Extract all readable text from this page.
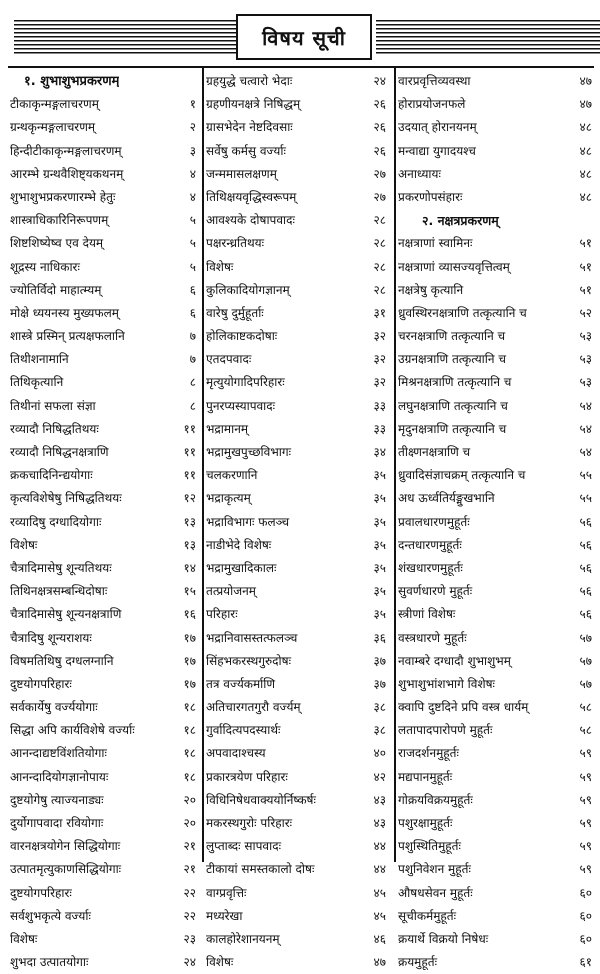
विषय सूची
१. शुभाशुभप्रकरणम्
टीकाकृन्मङ्गलाचरणम्	१
ग्रन्थकृन्मङ्गलाचरणम्	२
हिन्दीटीकाकृन्मङ्गलाचरणम्	३
आरम्भे ग्रन्थवैशिष्ट्यकथनम्	४
शुभाशुभप्रकरणारम्भे हेतुः	४
शास्त्राधिकारिनिरूपणम्	५
शिष्टशिष्येष्व एव देयम्	५
शूद्रस्य नाधिकारः	५
ज्योतिर्विदो माहात्म्यम्	६
मोक्षे ध्ययनस्य मुख्यफलम्	६
शास्त्रे प्रस्मिन् प्रत्यक्षफलानि	७
तिथीशनामानि	७
तिथिकृत्यानि	८
तिथीनां सफला संज्ञा	८
रव्यादौ निषिद्धतिथयः	११
रव्यादौ निषिद्धनक्षत्राणि	११
क्रकचादिनिन्द्ययोगाः	११
कृत्यविशेषेषु निषिद्धतिथयः	१२
रव्यादिषु दग्धादियोगाः	१३
विशेषः	१३
चैत्रादिमासेषु शून्यतिथयः	१४
तिथिनक्षत्रसम्बन्धिदोषाः	१५
चैत्रादिमासेषु शून्यनक्षत्राणि	१६
चैत्रादिषु शून्यराशयः	१७
विषमतिथिषु दग्धलग्नानि	१७
दुष्टयोगपरिहारः	१७
सर्वकार्येषु वर्ज्ययोगाः	१८
सिद्धा अपि कार्यविशेषे वर्ज्याः	१८
आनन्दाद्यष्टविंशतियोगाः	१८
आनन्दादियोगज्ञानोपायः	१८
दुष्टयोगेषु त्याज्यनाड्यः	२०
दुर्योगापवादा रवियोगाः	२०
वारनक्षत्रयोगेन सिद्धियोगाः	२१
उत्पातमृत्युकाणसिद्धियोगाः	२१
दुष्टयोगपरिहारः	२२
सर्वशुभकृत्ये वर्ज्याः	२२
विशेषः	२३
शुभदा उत्पातयोगाः	२४
ग्रहयुद्धे चत्वारो भेदाः	२४
ग्रहणीयनक्षत्रे निषिद्धम्	२६
ग्रासभेदेन नेष्टदिवसाः	२६
सर्वेषु कर्मसु वर्ज्याः	२६
जन्ममासलक्षणम्	२७
तिथिक्षयवृद्धिस्वरूपम्	२७
आवश्यके दोषापवादः	२८
पक्षरन्ध्रतिथयः	२८
विशेषः	२८
कुलिकादियोगज्ञानम्	२८
वारेषु दुर्मुहूर्ताः	३१
होलिकाष्टकदोषाः	३२
एतदपवादः	३२
मृत्युयोगादिपरिहारः	३२
पुनरप्यस्यापवादः	३३
भद्रामानम्	३३
भद्रामुखपुच्छविभागः	३४
चलकरणानि	३५
भद्राकृत्यम्	३५
भद्राविभागः फलञ्च	३५
नाडीभेदे विशेषः	३५
भद्रामुखादिकालः	३५
तत्प्रयोजनम्	३५
परिहारः	३५
भद्रानिवासस्तत्फलञ्च	३६
सिंहभकरस्थगुरुदोषः	३७
तत्र वर्ज्यकर्माणि	३७
अतिचारगतगुरौ वर्ज्यम्	३८
गुर्वादित्यपदस्यार्थः	३८
अपवादाश्चस्य	४०
प्रकारत्रयेण परिहारः	४२
विधिनिषेधवाक्ययोर्निष्कर्षः	४३
मकरस्थगुरोः परिहारः	४३
लुप्ताब्दः सापवादः	४४
टीकायां समस्तकालो दोषः	४४
वाग्प्रवृत्तिः	४५
मध्यरेखा	४५
कालहोरेशानयनम्	४६
विशेषः	४७
वारप्रवृत्तिव्यवस्था	४७
होराप्रयोजनफले	४७
उदयात् होरानयनम्	४८
मन्वाद्या युगादयश्च	४८
अनाध्यायः	४८
प्रकरणोपसंहारः	४८
२. नक्षत्रप्रकरणम्
नक्षत्राणां स्वामिनः	५१
नक्षत्राणां व्यासज्यवृत्तित्वम्	५१
नक्षत्रेषु कृत्यानि	५१
ध्रुवस्थिरनक्षत्राणि तत्कृत्यानि च	५२
चरनक्षत्राणि तत्कृत्यानि च	५३
उग्रनक्षत्राणि तत्कृत्यानि च	५३
मिश्रनक्षत्राणि तत्कृत्यानि च	५३
लघुनक्षत्राणि तत्कृत्यानि च	५४
मृदुनक्षत्राणि तत्कृत्यानि च	५४
तीक्ष्णनक्षत्राणि च	५४
ध्रुवादिसंज्ञाचक्रम् तत्कृत्यानि च	५५
अध ऊर्ध्वतिर्यङ्मुखभानि	५५
प्रवालधारणमुहूर्तः	५६
दन्तधारणमुहूर्तः	५६
शंखधारणमुहूर्तः	५६
सुवर्णधारणे मुहूर्तः	५६
स्त्रीणां विशेषः	५६
वस्त्रधारणे मुहूर्तः	५७
नवाम्बरे दग्धादौ शुभाशुभम्	५७
शुभाशुभांशभागे विशेषः	५७
क्वापि दुष्टदिने प्रपि वस्त्र धार्यम्	५८
लतापादपारोपणे मुहूर्तः	५८
राजदर्शनमुहूर्तः	५९
मद्यपानमुहूर्तः	५९
गोक्रयविक्रयमुहूर्तः	५९
पशुरक्षामुहूर्तः	५९
पशुस्थितिमुहूर्तः	५९
पशुनिवेशन मुहूर्तः	५९
औषधसेवन मुहूर्तः	६०
सूचीकर्ममुहूर्तः	६०
क्रयार्थे विक्रयो निषेधः	६०
क्रयमुहूर्तः	६१
